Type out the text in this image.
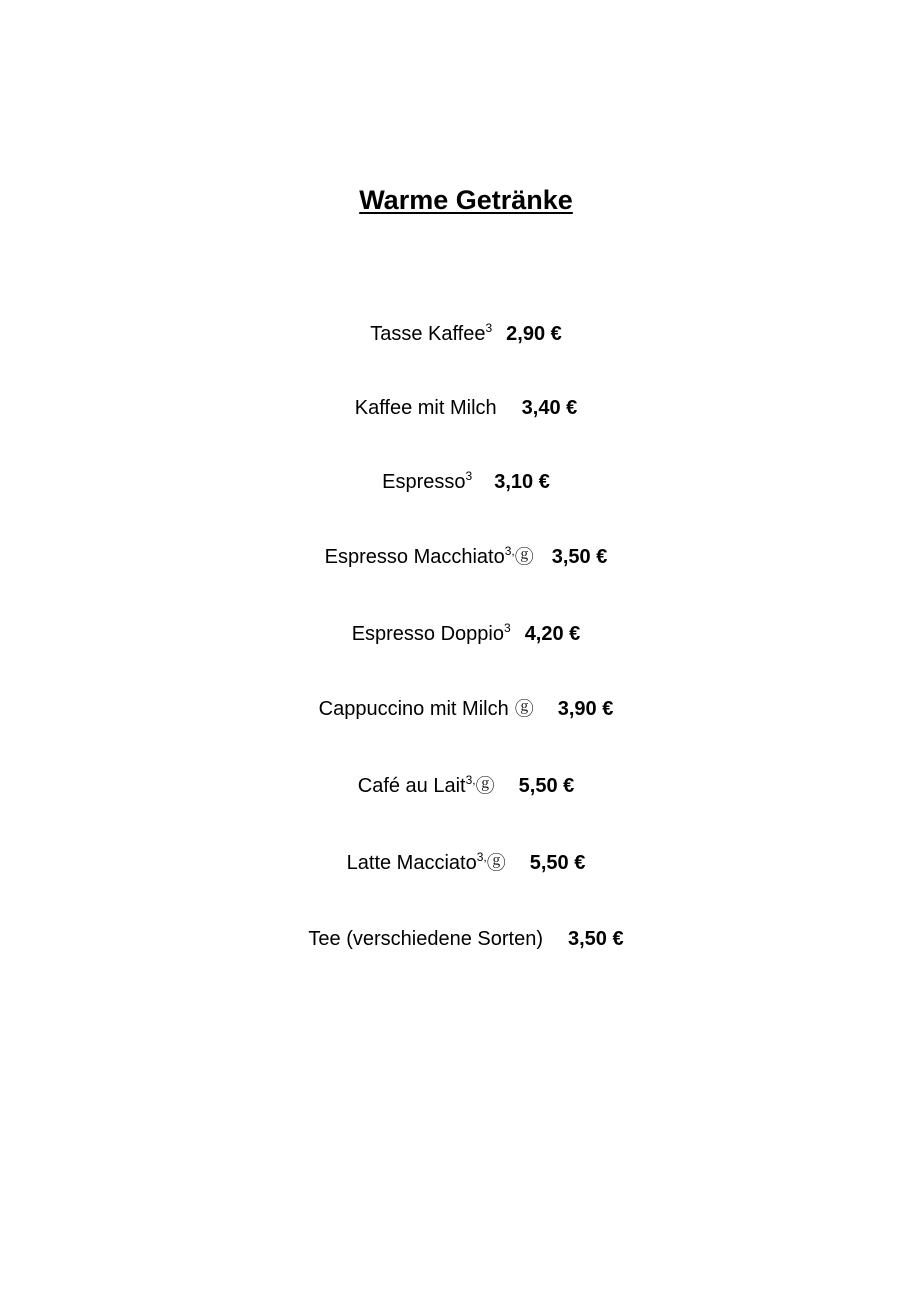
Warme Getränke
Tasse Kaffee$^3$ 2,90 €
Kaffee mit Milch 3,40 €
Espresso$^3$ 3,10 €
Espresso Macchiato$^{3,}$ⓖ 3,50 €
Espresso Doppio$^3$ 4,20 €
Cappuccino mit Milch ⓖ 3,90 €
Café au Lait$^{3,}$ⓖ 5,50 €
Latte Macciato$^{3,}$ⓖ 5,50 €
Tee (verschiedene Sorten) 3,50 €
